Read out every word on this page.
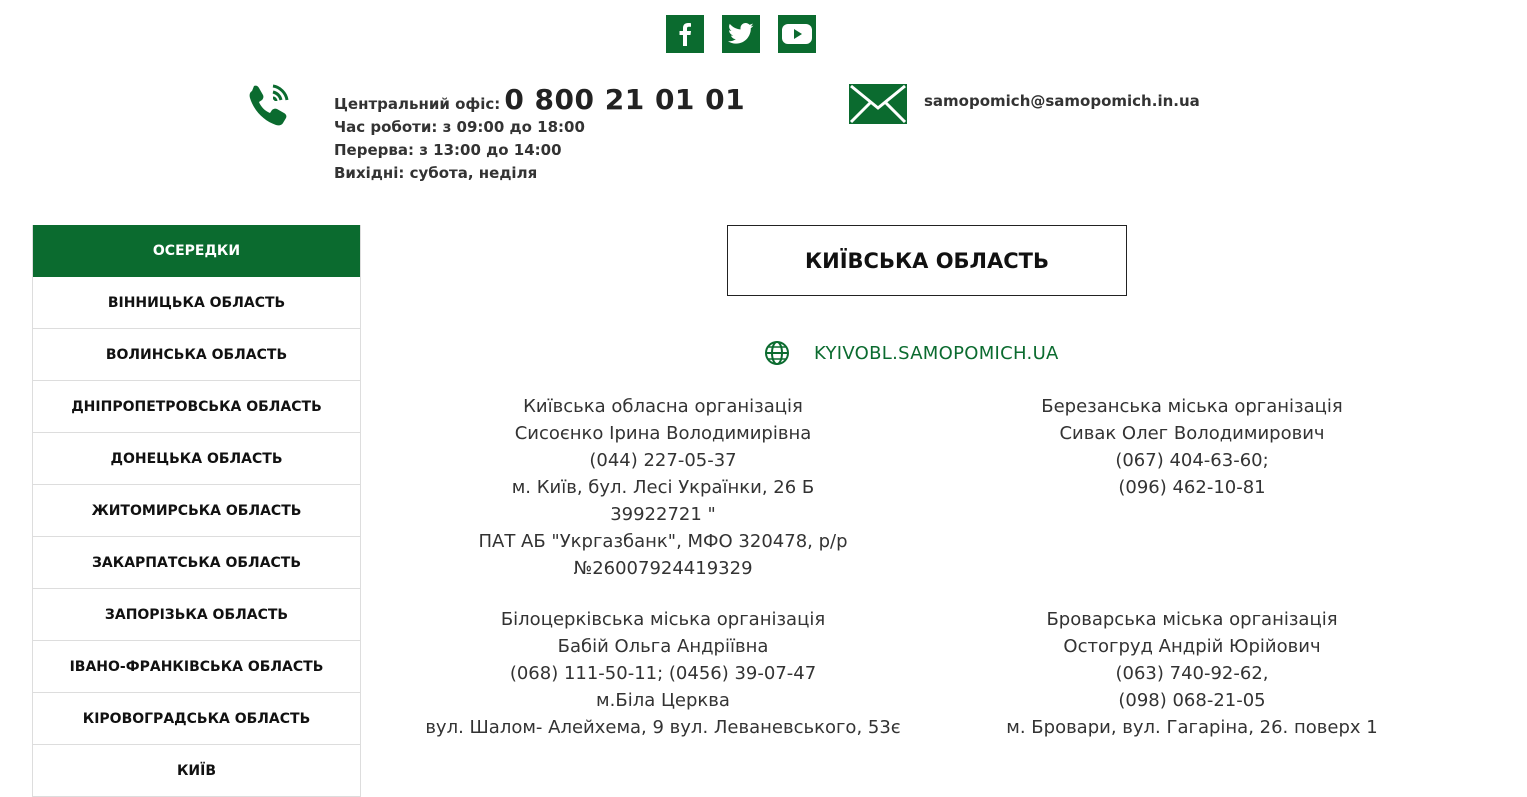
Центральний офіс: 0 800 21 01 01
Час роботи: з 09:00 до 18:00
Перерва: з 13:00 до 14:00
Вихідні: субота, неділя
samopomich@samopomich.in.ua
ОСЕРЕДКИ
ВІННИЦЬКА ОБЛАСТЬ
ВОЛИНСЬКА ОБЛАСТЬ
ДНІПРОПЕТРОВСЬКА ОБЛАСТЬ
ДОНЕЦЬКА ОБЛАСТЬ
ЖИТОМИРСЬКА ОБЛАСТЬ
ЗАКАРПАТСЬКА ОБЛАСТЬ
ЗАПОРІЗЬКА ОБЛАСТЬ
ІВАНО-ФРАНКІВСЬКА ОБЛАСТЬ
КІРОВОГРАДСЬКА ОБЛАСТЬ
КИЇВ
КИЇВСЬКА ОБЛАСТЬ
KYIVOBL.SAMOPOMICH.UA
Київська обласна організація
Сисоєнко Ірина Володимирівна
(044) 227-05-37
м. Київ, бул. Лесі Українки, 26 Б
39922721 "
ПАТ АБ "Укргазбанк", МФО 320478, р/р
№26007924419329
Березанська міська організація
Сивак Олег Володимирович
(067) 404-63-60;
(096) 462-10-81
Білоцерківська міська організація
Бабій Ольга Андріївна
(068) 111-50-11; (0456) 39-07-47
м.Біла Церква
вул. Шалом- Алейхема, 9 вул. Леваневського, 53є
Броварська міська організація
Остогруд Андрій Юрійович
(063) 740-92-62,
(098) 068-21-05
м. Бровари, вул. Гагаріна, 26. поверх 1
